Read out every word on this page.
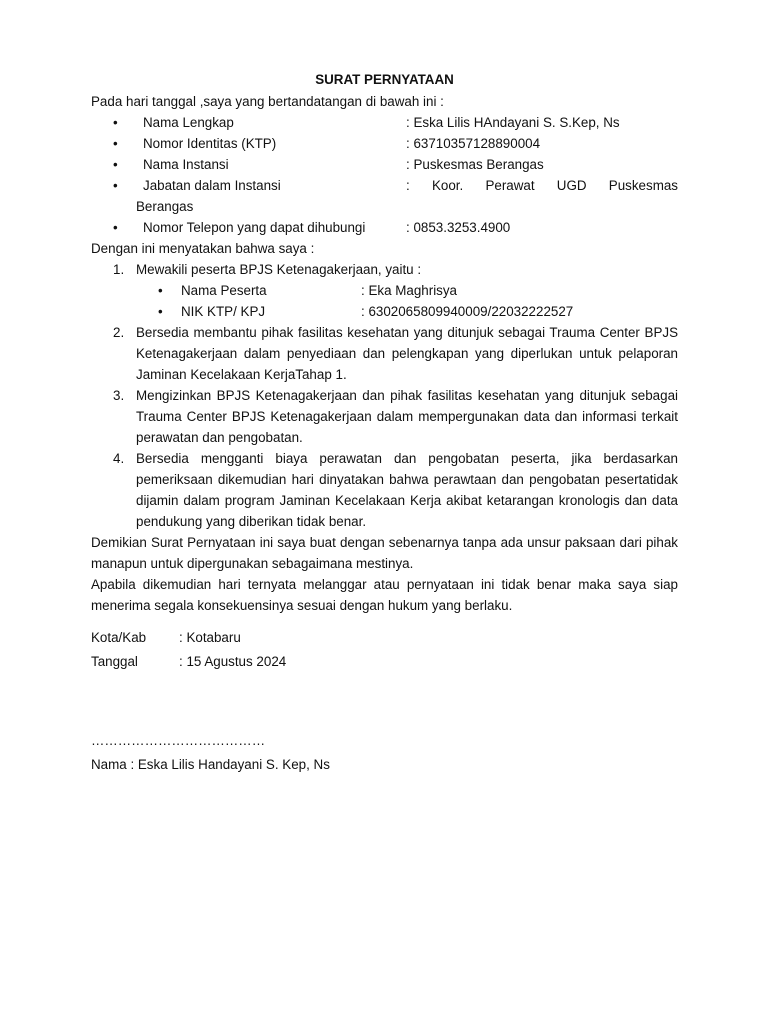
SURAT PERNYATAAN
Pada hari tanggal ,saya yang bertandatangan di bawah ini :
•	Nama Lengkap	: Eska Lilis HAndayani S. S.Kep, Ns
•	Nomor Identitas (KTP)	: 63710357128890004
•	Nama Instansi	: Puskesmas Berangas
•	Jabatan dalam Instansi	: Koor. Perawat UGD Puskesmas
Berangas
•	Nomor Telepon yang dapat dihubungi	: 0853.3253.4900
Dengan ini menyatakan bahwa saya :
1. Mewakili peserta BPJS Ketenagakerjaan, yaitu :
•	Nama Peserta	: Eka Maghrisya
•	NIK KTP/ KPJ	: 6302065809940009/22032222527
2. Bersedia membantu pihak fasilitas kesehatan yang ditunjuk sebagai Trauma Center BPJS Ketenagakerjaan dalam penyediaan dan pelengkapan yang diperlukan untuk pelaporan Jaminan Kecelakaan KerjaTahap 1.
3. Mengizinkan BPJS Ketenagakerjaan dan pihak fasilitas kesehatan yang ditunjuk sebagai Trauma Center BPJS Ketenagakerjaan dalam mempergunakan data dan informasi terkait perawatan dan pengobatan.
4. Bersedia mengganti biaya perawatan dan pengobatan peserta, jika berdasarkan pemeriksaan dikemudian hari dinyatakan bahwa perawtaan dan pengobatan pesertatidak dijamin dalam program Jaminan Kecelakaan Kerja akibat ketarangan kronologis dan data pendukung yang diberikan tidak benar.
Demikian Surat Pernyataan ini saya buat dengan sebenarnya tanpa ada unsur paksaan dari pihak manapun untuk dipergunakan sebagaimana mestinya.
Apabila dikemudian hari ternyata melanggar atau pernyataan ini tidak benar maka saya siap menerima segala konsekuensinya sesuai dengan hukum yang berlaku.
Kota/Kab	: Kotabaru
Tanggal	: 15 Agustus 2024
…………………………………
Nama : Eska Lilis Handayani S. Kep, Ns
